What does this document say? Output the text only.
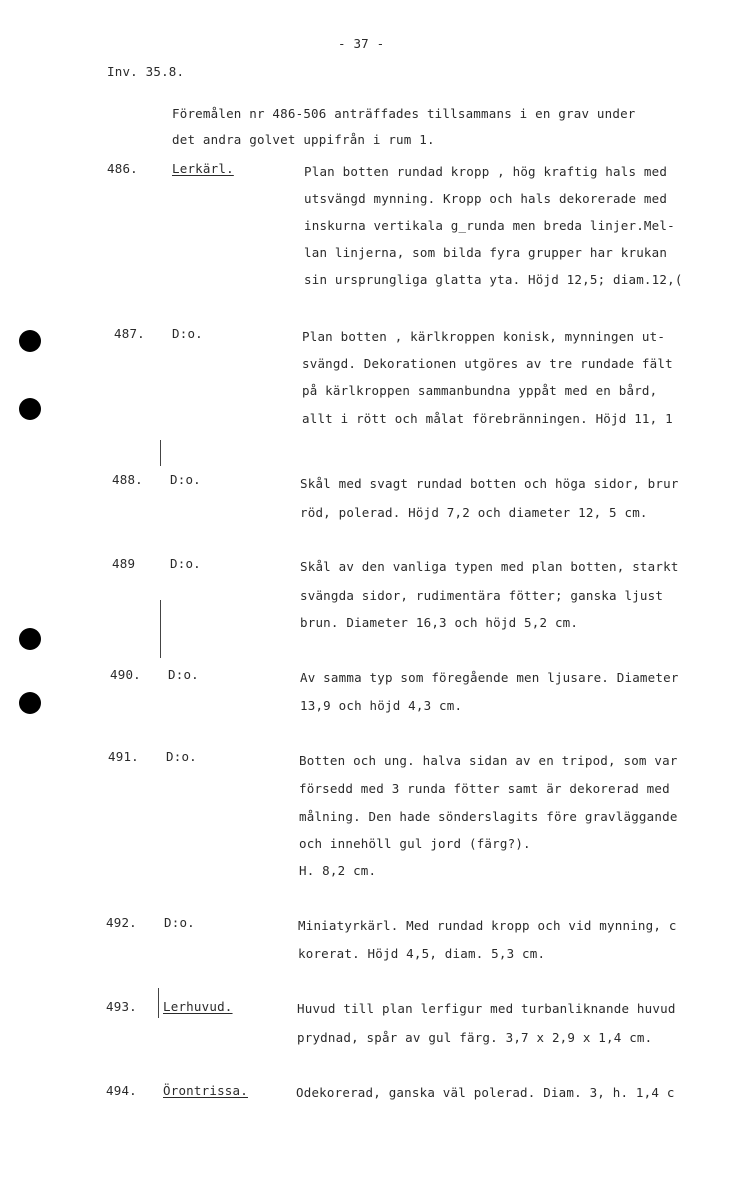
- 37 -
Inv. 35.8.
Föremålen nr 486-506 anträffades tillsammans i en grav under
det andra golvet uppifrån i rum 1.
486.	Lerkärl.	Plan botten rundad kropp , hög kraftig hals med
utsvängd mynning. Kropp och hals dekorerade med
inskurna vertikala g_runda men breda linjer.Mel-
lan linjerna, som bilda fyra grupper har krukan
sin ursprungliga glatta yta. Höjd 12,5; diam.12,(
487. D:o.	Plan botten , kärlkroppen konisk, mynningen ut-
svängd. Dekorationen utgöres av tre rundade fält
på kärlkroppen sammanbundna yppåt med en bård,
allt i rött och målat förebränningen. Höjd 11, 1
488. D:o.	Skål med svagt rundad botten och höga sidor, brur
röd, polerad. Höjd 7,2 och diameter 12, 5 cm.
489	D:o.	Skål av den vanliga typen med plan botten, starkt
svängda sidor, rudimentära fötter; ganska ljust
brun. Diameter 16,3 och höjd 5,2 cm.
490. D:o.	Av samma typ som föregående men ljusare. Diameter
13,9 och höjd 4,3 cm.
491. D:o.	Botten och ung. halva sidan av en tripod, som var
försedd med 3 runda fötter samt är dekorerad med
målning. Den hade sönderslagits före gravläggande
och innehöll gul jord (färg?).
H. 8,2 cm.
492. D:o.	Miniatyrkärl. Med rundad kropp och vid mynning, c
korerat. Höjd 4,5, diam. 5,3 cm.
493. Lerhuvud.	Huvud till plan lerfigur med turbanliknande huvud
prydnad, spår av gul färg. 3,7 x 2,9 x 1,4 cm.
494. Örontrissa.	Odekorerad, ganska väl polerad. Diam. 3, h. 1,4 c
